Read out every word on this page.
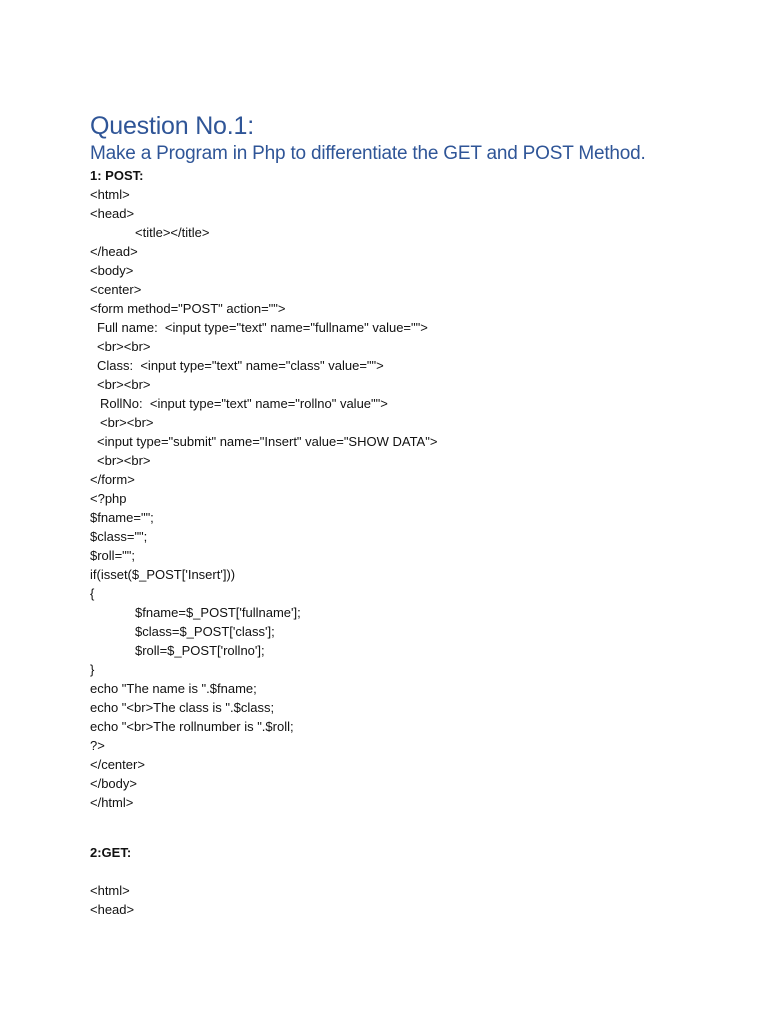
Question No.1:
Make a Program in Php to differentiate the GET and POST Method.
1: POST:
<html>
<head>
<title></title>
</head>
<body>
<center>
<form method="POST" action="">
Full name:  <input type="text" name="fullname" value="">
<br><br>
Class:  <input type="text" name="class" value="">
<br><br>
RollNo:  <input type="text" name="rollno" value"">
<br><br>
<input type="submit" name="Insert" value="SHOW DATA">
<br><br>
</form>
<?php
$fname="";
$class="";
$roll="";
if(isset($_POST['Insert']))
{
$fname=$_POST['fullname'];
$class=$_POST['class'];
$roll=$_POST['rollno'];
}
echo "The name is ".$fname;
echo "<br>The class is ".$class;
echo "<br>The rollnumber is ".$roll;
?>
</center>
</body>
</html>
2:GET:
<html>
<head>
